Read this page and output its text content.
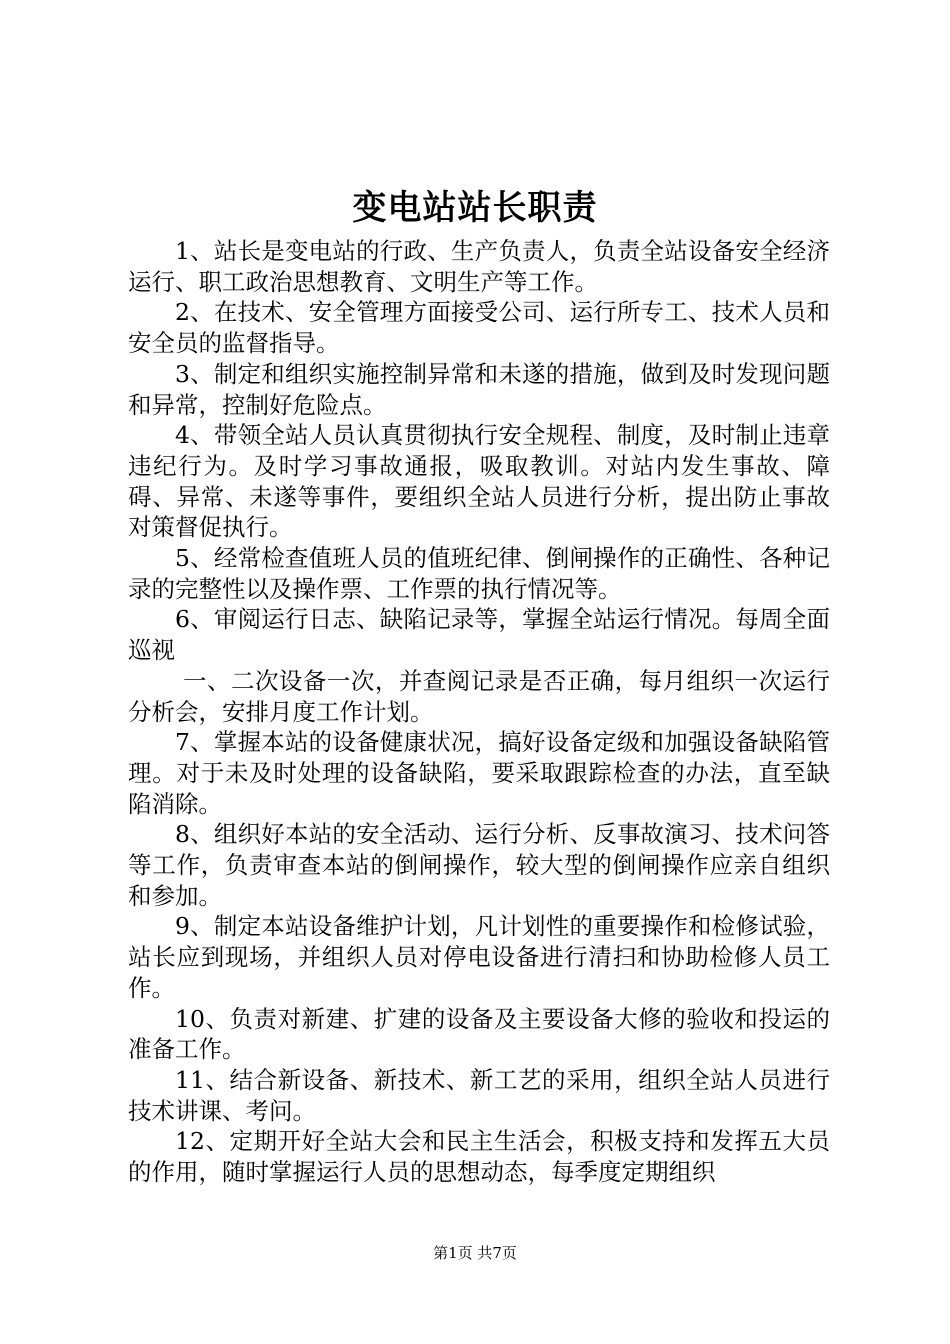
变电站站长职责

1、站长是变电站的行政、生产负责人，负责全站设备安全经济运行、职工政治思想教育、文明生产等工作。

2、在技术、安全管理方面接受公司、运行所专工、技术人员和安全员的监督指导。

3、制定和组织实施控制异常和未遂的措施，做到及时发现问题和异常，控制好危险点。

4、带领全站人员认真贯彻执行安全规程、制度，及时制止违章违纪行为。及时学习事故通报，吸取教训。对站内发生事故、障碍、异常、未遂等事件，要组织全站人员进行分析，提出防止事故对策督促执行。

5、经常检查值班人员的值班纪律、倒闸操作的正确性、各种记录的完整性以及操作票、工作票的执行情况等。

6、审阅运行日志、缺陷记录等，掌握全站运行情况。每周全面巡视

一、二次设备一次，并查阅记录是否正确，每月组织一次运行分析会，安排月度工作计划。

7、掌握本站的设备健康状况，搞好设备定级和加强设备缺陷管理。对于未及时处理的设备缺陷，要采取跟踪检查的办法，直至缺陷消除。

8、组织好本站的安全活动、运行分析、反事故演习、技术问答等工作，负责审查本站的倒闸操作，较大型的倒闸操作应亲自组织和参加。

9、制定本站设备维护计划，凡计划性的重要操作和检修试验，站长应到现场，并组织人员对停电设备进行清扫和协助检修人员工作。

10、负责对新建、扩建的设备及主要设备大修的验收和投运的准备工作。

11、结合新设备、新技术、新工艺的采用，组织全站人员进行技术讲课、考问。

12、定期开好全站大会和民主生活会，积极支持和发挥五大员的作用，随时掌握运行人员的思想动态，每季度定期组织

第1页 共7页
